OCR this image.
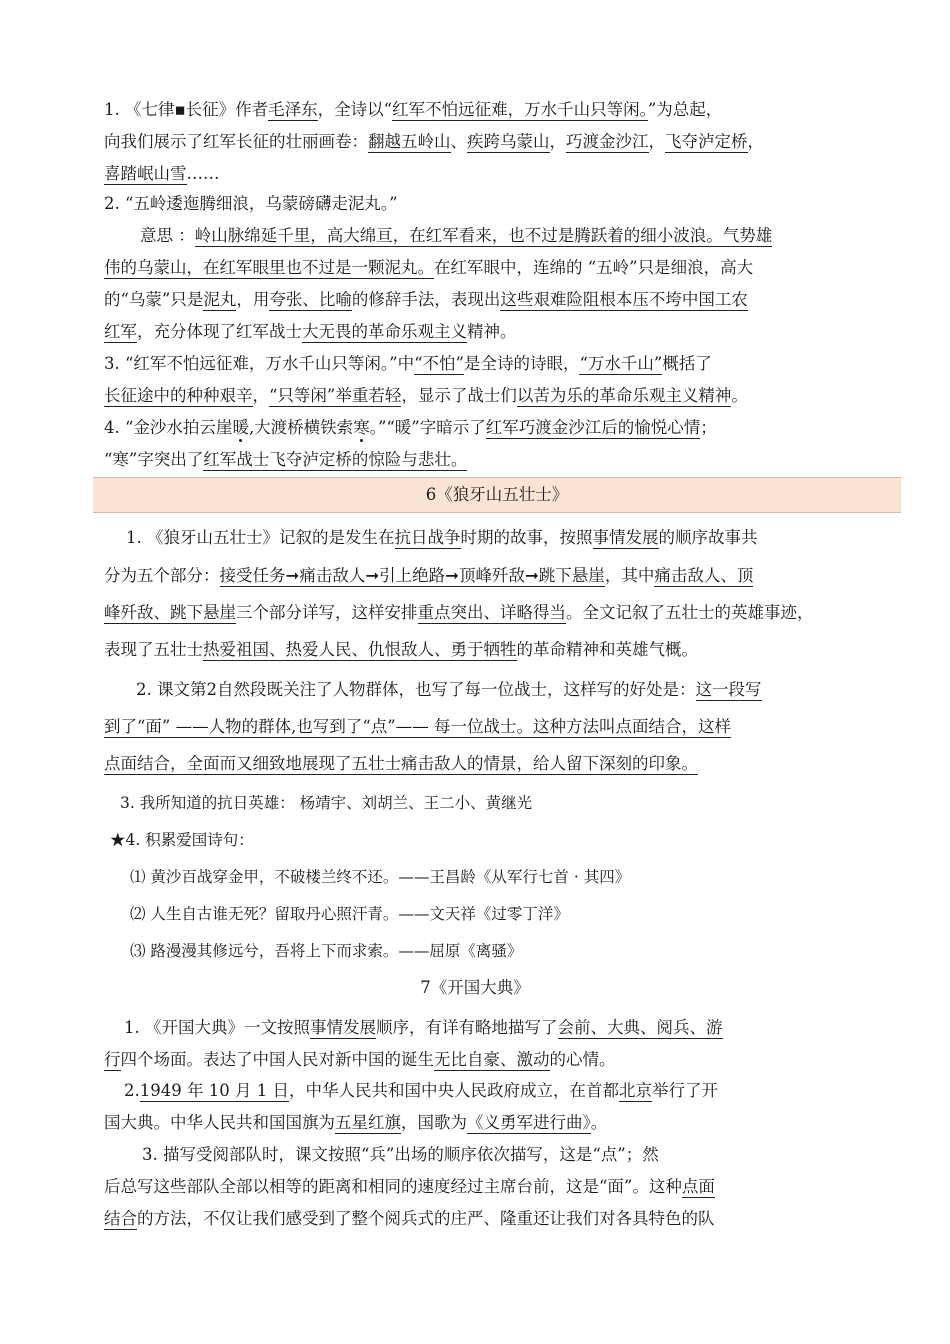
1. 《七律▪长征》作者毛泽东，全诗以“红军不怕远征难，万水千山只等闲。”为总起，
向我们展示了红军长征的壮丽画卷：翻越五岭山、疾跨乌蒙山，巧渡金沙江，飞夺泸定桥，
喜踏岷山雪……
2. “五岭逶迤腾细浪，乌蒙磅礴走泥丸。”
意思 ：岭山脉绵延千里，高大绵亘，在红军看来，也不过是腾跃着的细小波浪。气势雄
伟的乌蒙山，在红军眼里也不过是一颗泥丸。在红军眼中，连绵的 “五岭”只是细浪，高大
的“乌蒙”只是泥丸，用夸张、比喻的修辞手法，表现出这些艰难险阻根本压不垮中国工农
红军，充分体现了红军战士大无畏的革命乐观主义精神。
3. “红军不怕远征难，万水千山只等闲。”中“不怕”是全诗的诗眼，“万水千山”概括了
长征途中的种种艰辛，“只等闲”举重若轻，显示了战士们以苦为乐的革命乐观主义精神。
4. “金沙水拍云崖暖,大渡桥横铁索寒。”“暖”字暗示了红军巧渡金沙江后的愉悦心情；
“寒”字突出了红军战士飞夺泸定桥的惊险与悲壮。
6《狼牙山五壮士》
1. 《狼牙山五壮士》记叙的是发生在抗日战争时期的故事，按照事情发展的顺序故事共
分为五个部分：接受任务➞痛击敌人➞引上绝路➞顶峰歼敌➞跳下悬崖，其中痛击敌人、顶
峰歼敌、跳下悬崖三个部分详写，这样安排重点突出、详略得当。全文记叙了五壮士的英雄事迹，
表现了五壮士热爱祖国、热爱人民、仇恨敌人、勇于牺牲的革命精神和英雄气概。
2. 课文第2自然段既关注了人物群体，也写了每一位战士，这样写的好处是：这一段写
到了“面” ——人物的群体,也写到了“点”—— 每一位战士。这种方法叫点面结合，这样
点面结合，全面而又细致地展现了五壮士痛击敌人的情景，给人留下深刻的印象。
3. 我所知道的抗日英雄： 杨靖宇、刘胡兰、王二小、黄继光
★4. 积累爱国诗句：
⑴ 黄沙百战穿金甲，不破楼兰终不还。——王昌龄《从军行七首 · 其四》
⑵ 人生自古谁无死？留取丹心照汗青。——文天祥《过零丁洋》
⑶ 路漫漫其修远兮，吾将上下而求索。——屈原《离骚》
7《开国大典》
1. 《开国大典》一文按照事情发展顺序，有详有略地描写了会前、大典、阅兵、游
行四个场面。表达了中国人民对新中国的诞生无比自豪、激动的心情。
2.1949 年 10 月 1 日，中华人民共和国中央人民政府成立，在首都北京举行了开
国大典。中华人民共和国国旗为五星红旗，国歌为《义勇军进行曲》。
3. 描写受阅部队时，课文按照“兵”出场的顺序依次描写，这是“点”；然
后总写这些部队全部以相等的距离和相同的速度经过主席台前，这是“面”。这种点面
结合的方法，不仅让我们感受到了整个阅兵式的庄严、隆重还让我们对各具特色的队
